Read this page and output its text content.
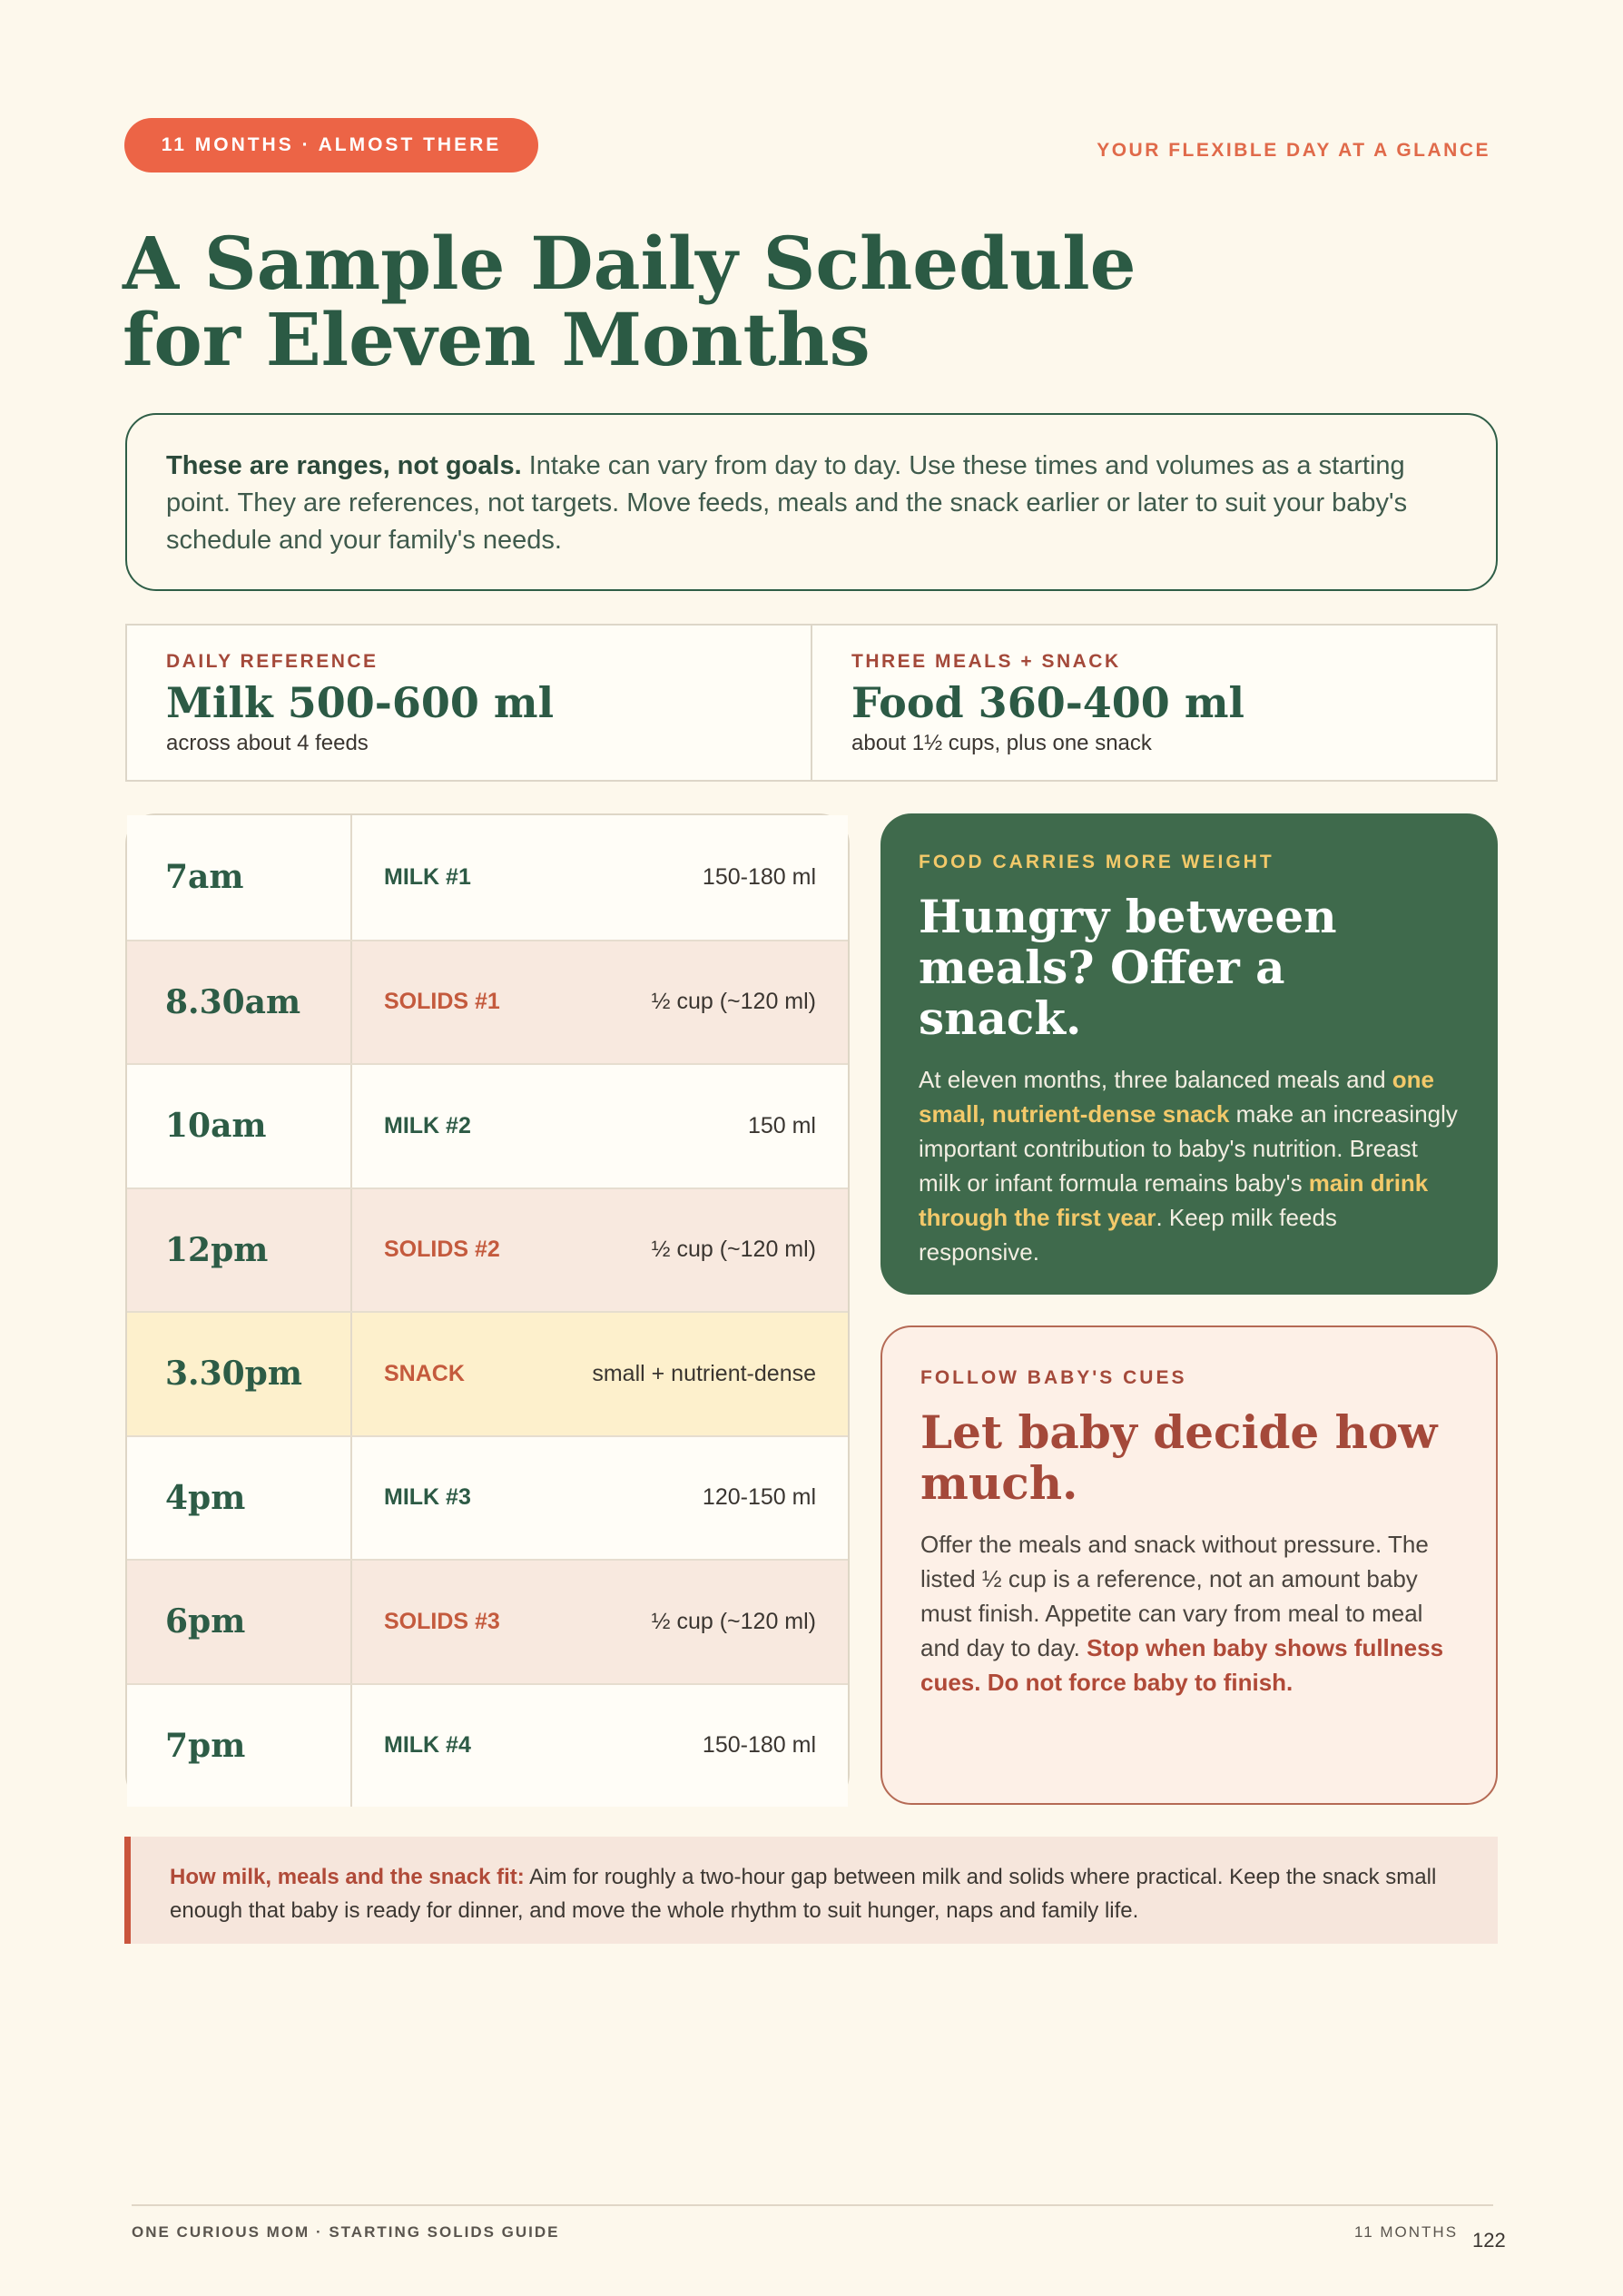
11 MONTHS · ALMOST THERE	YOUR FLEXIBLE DAY AT A GLANCE
A Sample Daily Schedule
for Eleven Months
These are ranges, not goals. Intake can vary from day to day. Use these times and volumes as a starting point. They are references, not targets. Move feeds, meals and the snack earlier or later to suit your baby's schedule and your family's needs.
DAILY REFERENCE
Milk 500-600 ml
across about 4 feeds
THREE MEALS + SNACK
Food 360-400 ml
about 1½ cups, plus one snack
7am	MILK #1	150-180 ml
8.30am	SOLIDS #1	½ cup (~120 ml)
10am	MILK #2	150 ml
12pm	SOLIDS #2	½ cup (~120 ml)
3.30pm	SNACK	small + nutrient-dense
4pm	MILK #3	120-150 ml
6pm	SOLIDS #3	½ cup (~120 ml)
7pm	MILK #4	150-180 ml
FOOD CARRIES MORE WEIGHT
Hungry between meals? Offer a snack.
At eleven months, three balanced meals and one small, nutrient-dense snack make an increasingly important contribution to baby's nutrition. Breast milk or infant formula remains baby's main drink through the first year. Keep milk feeds responsive.
FOLLOW BABY'S CUES
Let baby decide how much.
Offer the meals and snack without pressure. The listed ½ cup is a reference, not an amount baby must finish. Appetite can vary from meal to meal and day to day. Stop when baby shows fullness cues. Do not force baby to finish.
How milk, meals and the snack fit: Aim for roughly a two-hour gap between milk and solids where practical. Keep the snack small enough that baby is ready for dinner, and move the whole rhythm to suit hunger, naps and family life.
ONE CURIOUS MOM · STARTING SOLIDS GUIDE	11 MONTHS 122
